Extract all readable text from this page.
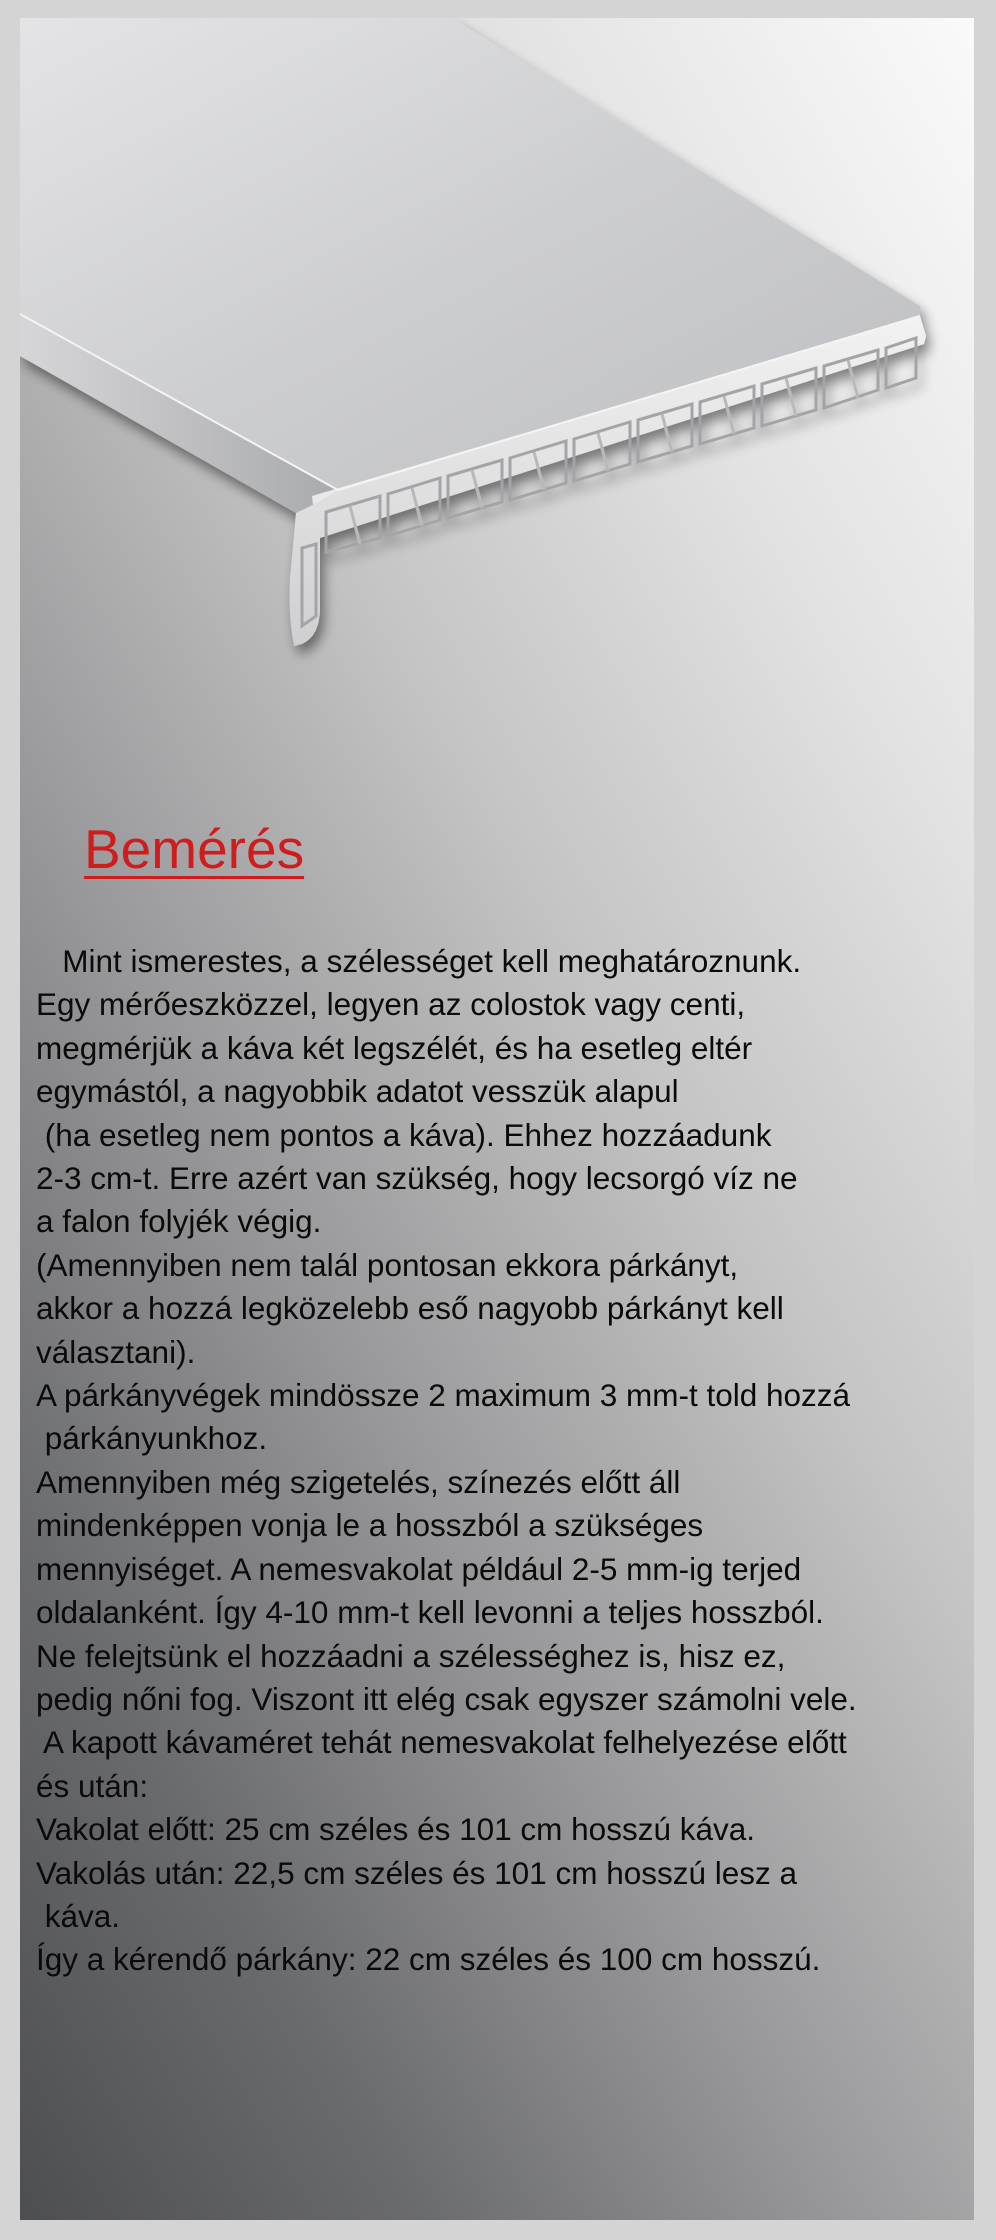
Bemérés
Mint ismerestes, a szélességet kell meghatároznunk.
Egy mérőeszközzel, legyen az colostok vagy centi,
megmérjük a káva két legszélét, és ha esetleg eltér
egymástól, a nagyobbik adatot vesszük alapul
(ha esetleg nem pontos a káva). Ehhez hozzáadunk
2-3 cm-t. Erre azért van szükség, hogy lecsorgó víz ne
a falon folyjék végig.
(Amennyiben nem talál pontosan ekkora párkányt,
akkor a hozzá legközelebb eső nagyobb párkányt kell
választani).
A párkányvégek mindössze 2 maximum 3 mm-t told hozzá
párkányunkhoz.
Amennyiben még szigetelés, színezés előtt áll
mindenképpen vonja le a hosszból a szükséges
mennyiséget. A nemesvakolat például 2-5 mm-ig terjed
oldalanként. Így 4-10 mm-t kell levonni a teljes hosszból.
Ne felejtsünk el hozzáadni a szélességhez is, hisz ez,
pedig nőni fog. Viszont itt elég csak egyszer számolni vele.
A kapott kávaméret tehát nemesvakolat felhelyezése előtt
és után:
Vakolat előtt: 25 cm széles és 101 cm hosszú káva.
Vakolás után: 22,5 cm széles és 101 cm hosszú lesz a
káva.
Így a kérendő párkány: 22 cm széles és 100 cm hosszú.
